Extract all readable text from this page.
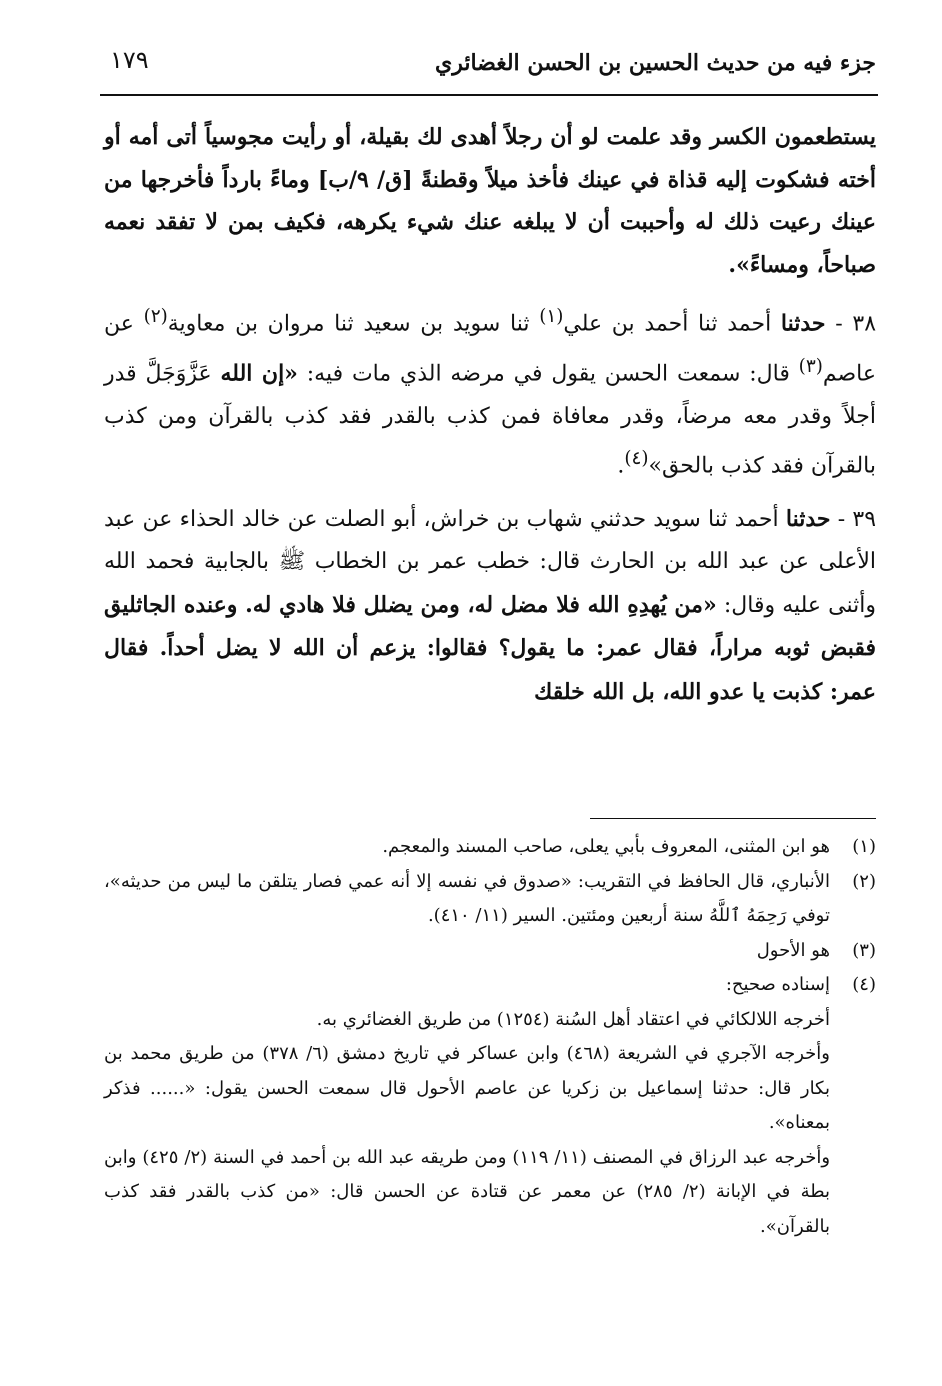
جزء فيه من حديث الحسين بن الحسن الغضائري
١٧٩

يستطعمون الكسر وقد علمت لو أن رجلاً أهدى لك بقيلة، أو رأيت مجوسياً أتى أمه أو أخته فشكوت إليه قذاة في عينك فأخذ ميلاً وقطنةً [ق/ ٩/ب] وماءً بارداً فأخرجها من عينك رعيت ذلك له وأحببت أن لا يبلغه عنك شيء يكرهه، فكيف بمن لا تفقد نعمه صباحاً، ومساءً».

٣٨ - حدثنا أحمد ثنا أحمد بن علي$^{(١)}$ ثنا سويد بن سعيد ثنا مروان بن معاوية$^{(٢)}$ عن عاصم$^{(٣)}$ قال: سمعت الحسن يقول في مرضه الذي مات فيه: «إن الله عَزَّوَجَلَّ قدر أجلاً وقدر معه مرضاً، وقدر معافاة فمن كذب بالقدر فقد كذب بالقرآن ومن كذب بالقرآن فقد كذب بالحق»$^{(٤)}$.

٣٩ - حدثنا أحمد ثنا سويد حدثني شهاب بن خراش، أبو الصلت عن خالد الحذاء عن عبد الأعلى عن عبد الله بن الحارث قال: خطب عمر بن الخطاب ﷺ بالجابية فحمد الله وأثنى عليه وقال: «من يُهدِهِ الله فلا مضل له، ومن يضلل فلا هادي له. وعنده الجاثليق فقبض ثوبه مراراً، فقال عمر: ما يقول؟ فقالوا: يزعم أن الله لا يضل أحداً. فقال عمر: كذبت يا عدو الله، بل الله خلقك

(١)

هو ابن المثنى، المعروف بأبي يعلى، صاحب المسند والمعجم.

(٢)

الأنباري، قال الحافظ في التقريب: «صدوق في نفسه إلا أنه عمي فصار يتلقن ما ليس من حديثه»، توفي رَحِمَهُ ٱللَّهُ سنة أربعين ومئتين. السير (١١/ ٤١٠).

(٣)

هو الأحول

(٤)

إسناده صحيح:

أخرجه اللالكائي في اعتقاد أهل السُنة (١٢٥٤) من طريق الغضائري به.

وأخرجه الآجري في الشريعة (٤٦٨) وابن عساكر في تاريخ دمشق (٦/ ٣٧٨) من طريق محمد بن بكار قال: حدثنا إسماعيل بن زكريا عن عاصم الأحول قال سمعت الحسن يقول: «...... فذكر بمعناه».

وأخرجه عبد الرزاق في المصنف (١١/ ١١٩) ومن طريقه عبد الله بن أحمد في السنة (٢/ ٤٢٥) وابن بطة في الإبانة (٢/ ٢٨٥) عن معمر عن قتادة عن الحسن قال: «من كذب بالقدر فقد كذب بالقرآن».
